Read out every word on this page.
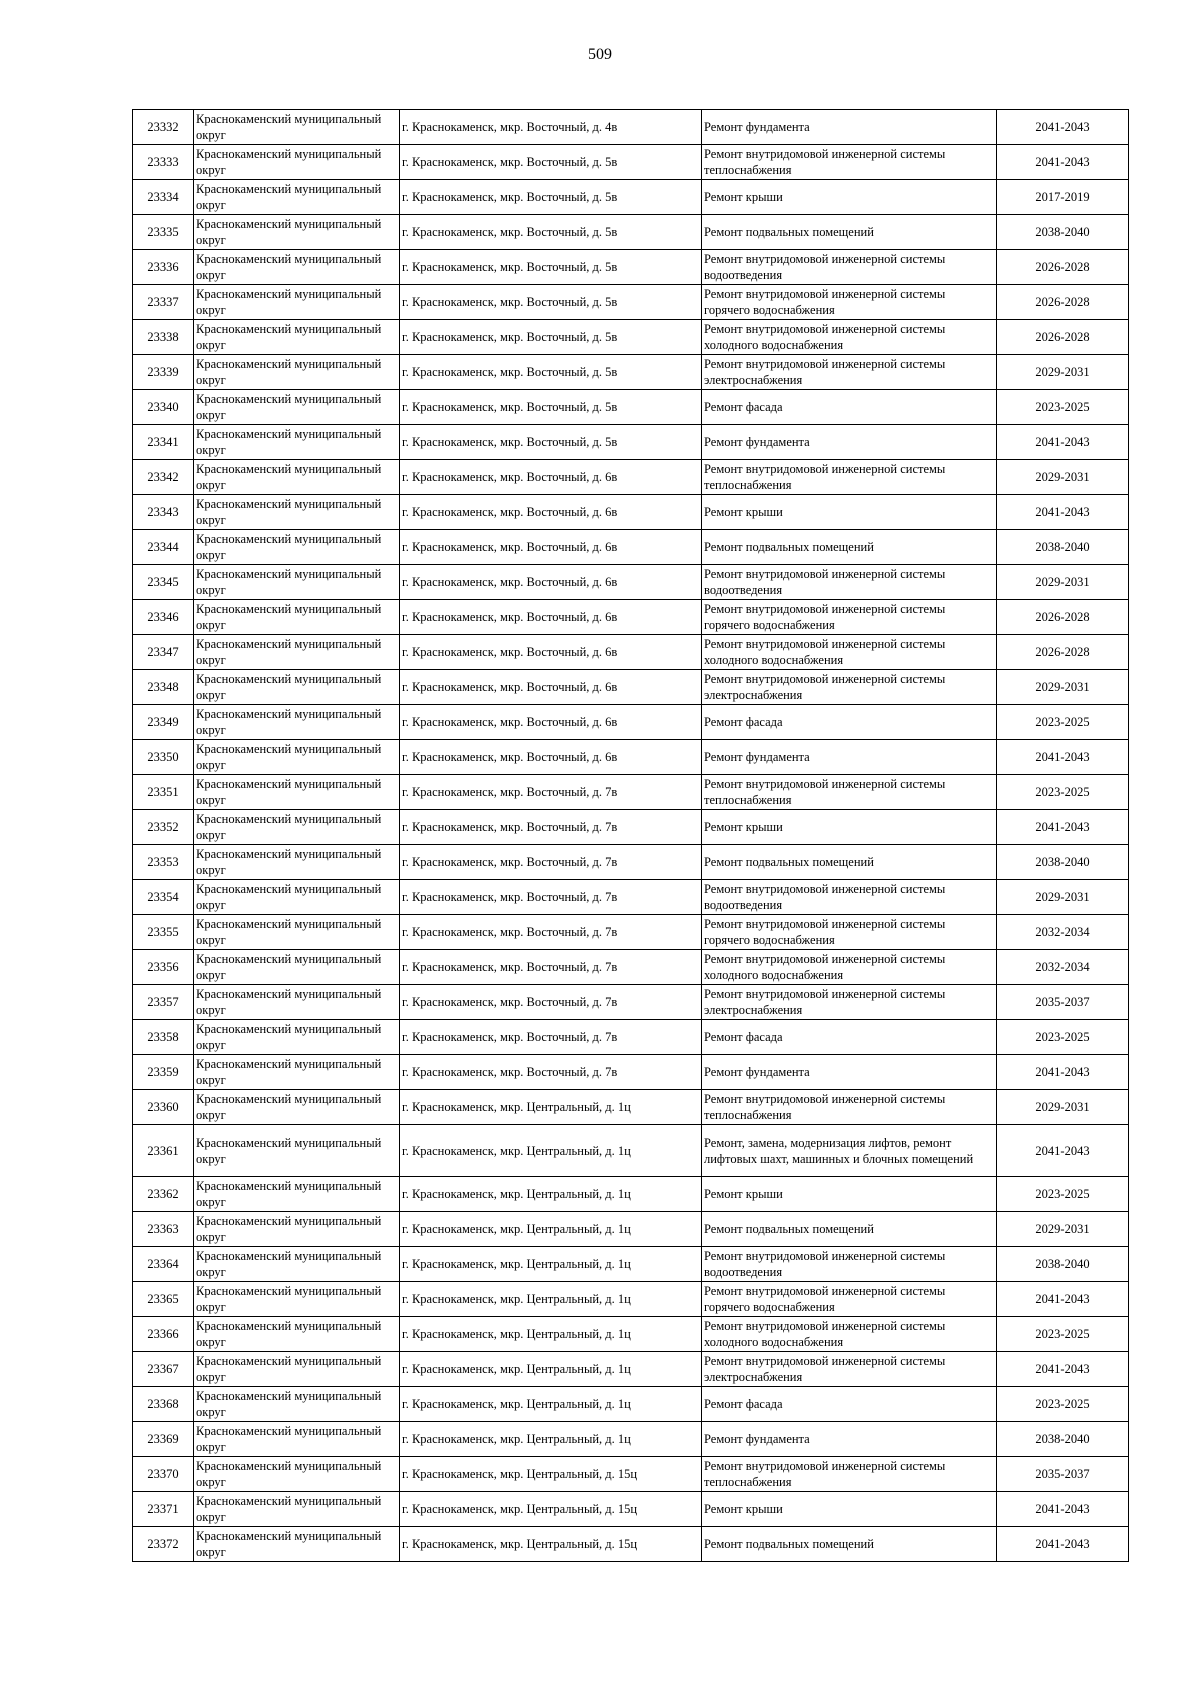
509
23332	Краснокаменский муниципальный округ	г. Краснокаменск, мкр. Восточный, д. 4в	Ремонт фундамента	2041-2043
23333	Краснокаменский муниципальный округ	г. Краснокаменск, мкр. Восточный, д. 5в	Ремонт внутридомовой инженерной системы теплоснабжения	2041-2043
23334	Краснокаменский муниципальный округ	г. Краснокаменск, мкр. Восточный, д. 5в	Ремонт крыши	2017-2019
23335	Краснокаменский муниципальный округ	г. Краснокаменск, мкр. Восточный, д. 5в	Ремонт подвальных помещений	2038-2040
23336	Краснокаменский муниципальный округ	г. Краснокаменск, мкр. Восточный, д. 5в	Ремонт внутридомовой инженерной системы водоотведения	2026-2028
23337	Краснокаменский муниципальный округ	г. Краснокаменск, мкр. Восточный, д. 5в	Ремонт внутридомовой инженерной системы горячего водоснабжения	2026-2028
23338	Краснокаменский муниципальный округ	г. Краснокаменск, мкр. Восточный, д. 5в	Ремонт внутридомовой инженерной системы холодного водоснабжения	2026-2028
23339	Краснокаменский муниципальный округ	г. Краснокаменск, мкр. Восточный, д. 5в	Ремонт внутридомовой инженерной системы электроснабжения	2029-2031
23340	Краснокаменский муниципальный округ	г. Краснокаменск, мкр. Восточный, д. 5в	Ремонт фасада	2023-2025
23341	Краснокаменский муниципальный округ	г. Краснокаменск, мкр. Восточный, д. 5в	Ремонт фундамента	2041-2043
23342	Краснокаменский муниципальный округ	г. Краснокаменск, мкр. Восточный, д. 6в	Ремонт внутридомовой инженерной системы теплоснабжения	2029-2031
23343	Краснокаменский муниципальный округ	г. Краснокаменск, мкр. Восточный, д. 6в	Ремонт крыши	2041-2043
23344	Краснокаменский муниципальный округ	г. Краснокаменск, мкр. Восточный, д. 6в	Ремонт подвальных помещений	2038-2040
23345	Краснокаменский муниципальный округ	г. Краснокаменск, мкр. Восточный, д. 6в	Ремонт внутридомовой инженерной системы водоотведения	2029-2031
23346	Краснокаменский муниципальный округ	г. Краснокаменск, мкр. Восточный, д. 6в	Ремонт внутридомовой инженерной системы горячего водоснабжения	2026-2028
23347	Краснокаменский муниципальный округ	г. Краснокаменск, мкр. Восточный, д. 6в	Ремонт внутридомовой инженерной системы холодного водоснабжения	2026-2028
23348	Краснокаменский муниципальный округ	г. Краснокаменск, мкр. Восточный, д. 6в	Ремонт внутридомовой инженерной системы электроснабжения	2029-2031
23349	Краснокаменский муниципальный округ	г. Краснокаменск, мкр. Восточный, д. 6в	Ремонт фасада	2023-2025
23350	Краснокаменский муниципальный округ	г. Краснокаменск, мкр. Восточный, д. 6в	Ремонт фундамента	2041-2043
23351	Краснокаменский муниципальный округ	г. Краснокаменск, мкр. Восточный, д. 7в	Ремонт внутридомовой инженерной системы теплоснабжения	2023-2025
23352	Краснокаменский муниципальный округ	г. Краснокаменск, мкр. Восточный, д. 7в	Ремонт крыши	2041-2043
23353	Краснокаменский муниципальный округ	г. Краснокаменск, мкр. Восточный, д. 7в	Ремонт подвальных помещений	2038-2040
23354	Краснокаменский муниципальный округ	г. Краснокаменск, мкр. Восточный, д. 7в	Ремонт внутридомовой инженерной системы водоотведения	2029-2031
23355	Краснокаменский муниципальный округ	г. Краснокаменск, мкр. Восточный, д. 7в	Ремонт внутридомовой инженерной системы горячего водоснабжения	2032-2034
23356	Краснокаменский муниципальный округ	г. Краснокаменск, мкр. Восточный, д. 7в	Ремонт внутридомовой инженерной системы холодного водоснабжения	2032-2034
23357	Краснокаменский муниципальный округ	г. Краснокаменск, мкр. Восточный, д. 7в	Ремонт внутридомовой инженерной системы электроснабжения	2035-2037
23358	Краснокаменский муниципальный округ	г. Краснокаменск, мкр. Восточный, д. 7в	Ремонт фасада	2023-2025
23359	Краснокаменский муниципальный округ	г. Краснокаменск, мкр. Восточный, д. 7в	Ремонт фундамента	2041-2043
23360	Краснокаменский муниципальный округ	г. Краснокаменск, мкр. Центральный, д. 1ц	Ремонт внутридомовой инженерной системы теплоснабжения	2029-2031
23361	Краснокаменский муниципальный округ	г. Краснокаменск, мкр. Центральный, д. 1ц	Ремонт, замена, модернизация лифтов, ремонт лифтовых шахт, машинных и блочных помещений	2041-2043
23362	Краснокаменский муниципальный округ	г. Краснокаменск, мкр. Центральный, д. 1ц	Ремонт крыши	2023-2025
23363	Краснокаменский муниципальный округ	г. Краснокаменск, мкр. Центральный, д. 1ц	Ремонт подвальных помещений	2029-2031
23364	Краснокаменский муниципальный округ	г. Краснокаменск, мкр. Центральный, д. 1ц	Ремонт внутридомовой инженерной системы водоотведения	2038-2040
23365	Краснокаменский муниципальный округ	г. Краснокаменск, мкр. Центральный, д. 1ц	Ремонт внутридомовой инженерной системы горячего водоснабжения	2041-2043
23366	Краснокаменский муниципальный округ	г. Краснокаменск, мкр. Центральный, д. 1ц	Ремонт внутридомовой инженерной системы холодного водоснабжения	2023-2025
23367	Краснокаменский муниципальный округ	г. Краснокаменск, мкр. Центральный, д. 1ц	Ремонт внутридомовой инженерной системы электроснабжения	2041-2043
23368	Краснокаменский муниципальный округ	г. Краснокаменск, мкр. Центральный, д. 1ц	Ремонт фасада	2023-2025
23369	Краснокаменский муниципальный округ	г. Краснокаменск, мкр. Центральный, д. 1ц	Ремонт фундамента	2038-2040
23370	Краснокаменский муниципальный округ	г. Краснокаменск, мкр. Центральный, д. 15ц	Ремонт внутридомовой инженерной системы теплоснабжения	2035-2037
23371	Краснокаменский муниципальный округ	г. Краснокаменск, мкр. Центральный, д. 15ц	Ремонт крыши	2041-2043
23372	Краснокаменский муниципальный округ	г. Краснокаменск, мкр. Центральный, д. 15ц	Ремонт подвальных помещений	2041-2043
